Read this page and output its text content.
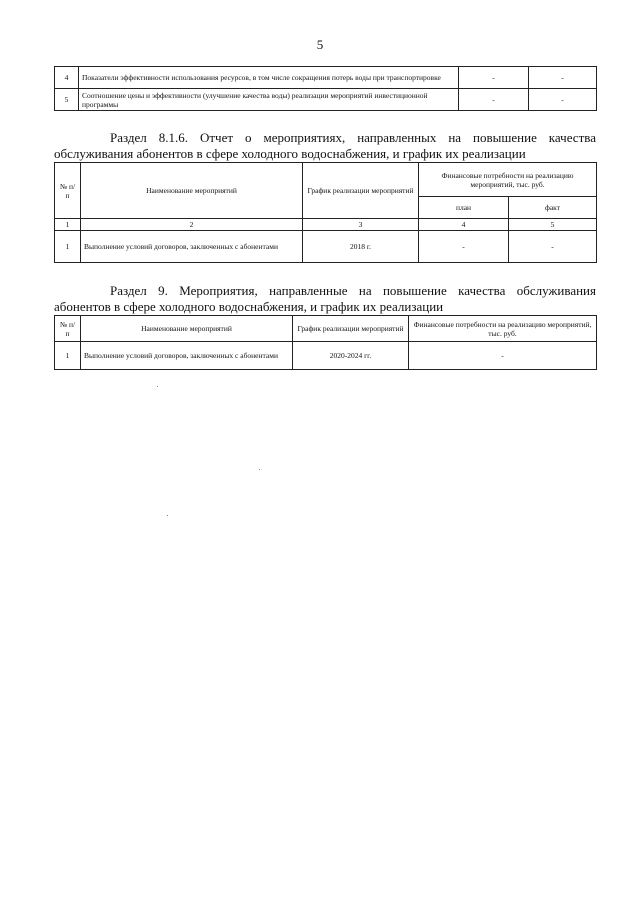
5
4	Показатели эффективности использования ресурсов, в том числе сокращения потерь воды при транспортировке	-	-
5	Соотношение цены и эффективности (улучшение качества воды) реализации мероприятий инвестиционной программы	-	-
Раздел 8.1.6. Отчет о мероприятиях, направленных на повышение качества
обслуживания абонентов в сфере холодного водоснабжения, и график их реализации
№ п/п	Наименование мероприятий	График реализации мероприятий	Финансовые потребности на реализацию мероприятий, тыс. руб.	
			план	факт
1	2	3	4	5
1	Выполнение условий договоров, заключенных с абонентами	2018 г.	-	-
Раздел 9. Мероприятия, направленные на повышение качества обслуживания
абонентов в сфере холодного водоснабжения, и график их реализации
№ п/п	Наименование мероприятий	График реализации мероприятий	Финансовые потребности на реализацию мероприятий, тыс. руб.
1	Выполнение условий договоров, заключенных с абонентами	2020-2024 гг.	-
